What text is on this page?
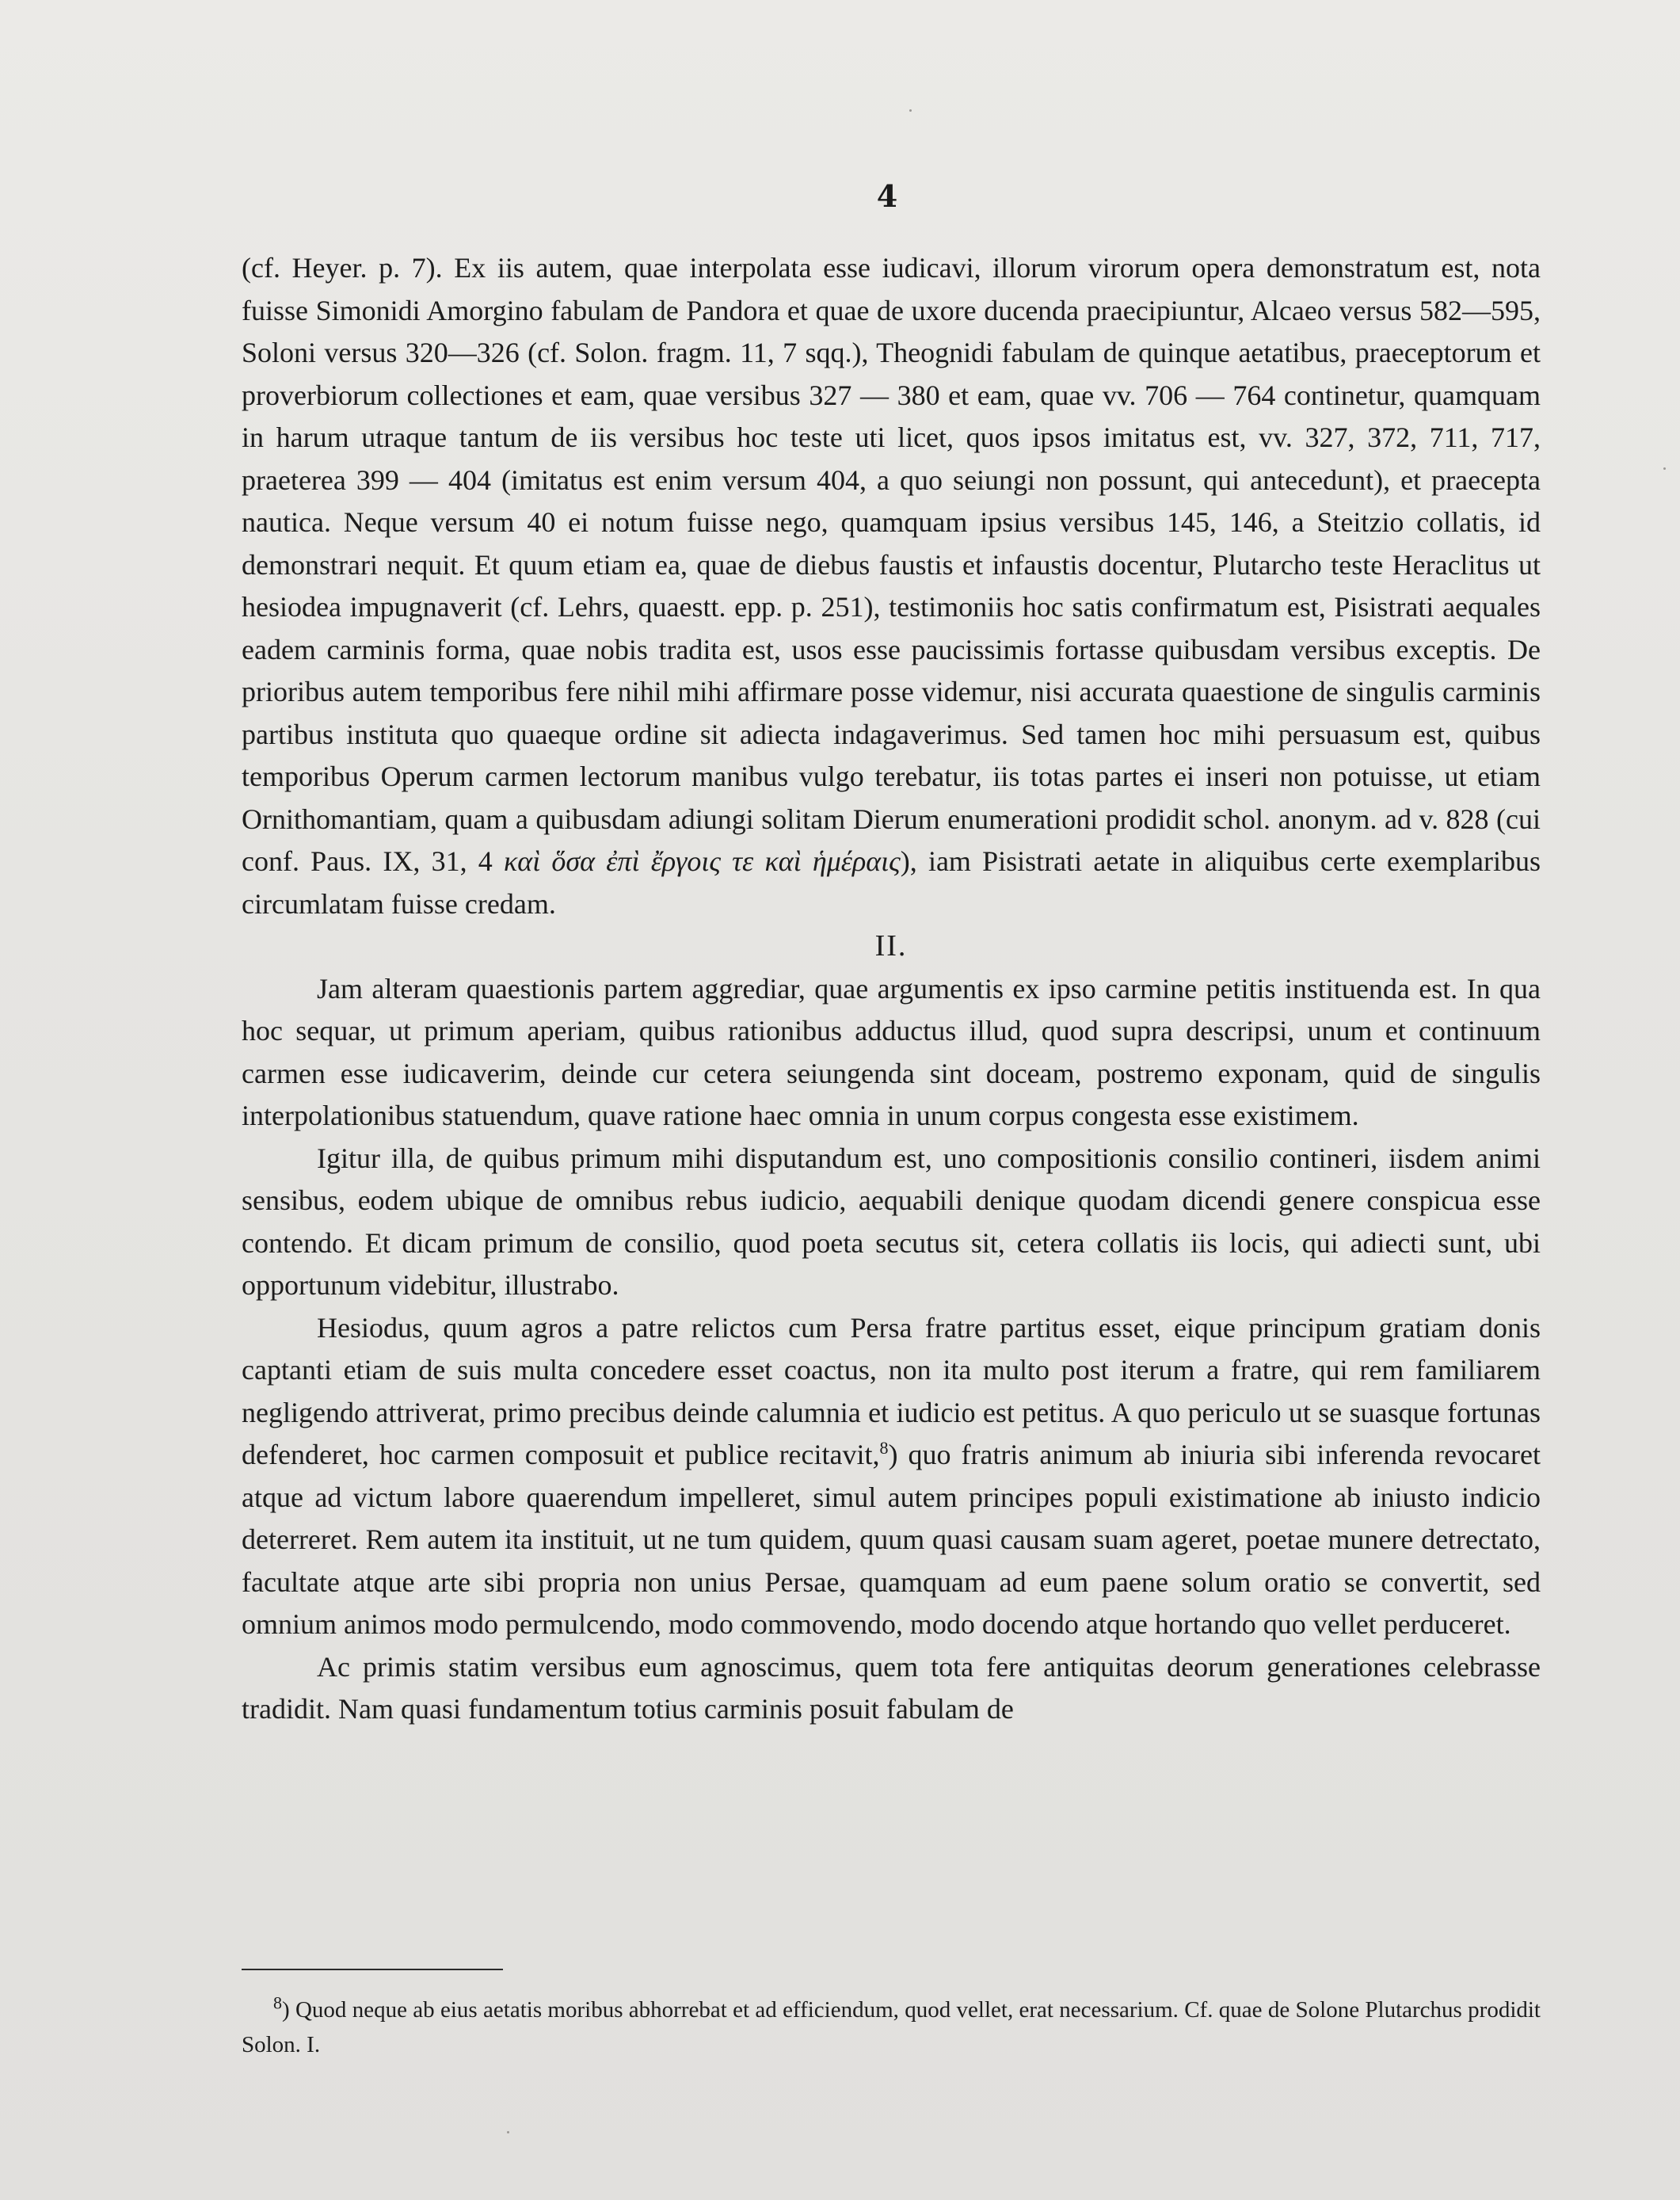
4

(cf. Heyer. p. 7). Ex iis autem, quae interpolata esse iudicavi, illorum virorum opera demonstratum est, nota fuisse Simonidi Amorgino fabulam de Pandora et quae de uxore ducenda praecipiuntur, Alcaeo versus 582—595, Soloni versus 320—326 (cf. Solon. fragm. 11, 7 sqq.), Theognidi fabulam de quinque aetatibus, praeceptorum et proverbiorum collectiones et eam, quae versibus 327 — 380 et eam, quae vv. 706 — 764 continetur, quamquam in harum utraque tantum de iis versibus hoc teste uti licet, quos ipsos imitatus est, vv. 327, 372, 711, 717, praeterea 399 — 404 (imitatus est enim versum 404, a quo seiungi non possunt, qui antecedunt), et praecepta nautica. Neque versum 40 ei notum fuisse nego, quamquam ipsius versibus 145, 146, a Steitzio collatis, id demonstrari nequit. Et quum etiam ea, quae de diebus faustis et infaustis docentur, Plutarcho teste Heraclitus ut hesiodea impugnaverit (cf. Lehrs, quaestt. epp. p. 251), testimoniis hoc satis confirmatum est, Pisistrati aequales eadem carminis forma, quae nobis tradita est, usos esse paucissimis fortasse quibusdam versibus exceptis. De prioribus autem temporibus fere nihil mihi affirmare posse videmur, nisi accurata quaestione de singulis carminis partibus instituta quo quaeque ordine sit adiecta indagaverimus. Sed tamen hoc mihi persuasum est, quibus temporibus Operum carmen lectorum manibus vulgo terebatur, iis totas partes ei inseri non potuisse, ut etiam Ornithomantiam, quam a quibusdam adiungi solitam Dierum enumerationi prodidit schol. anonym. ad v. 828 (cui conf. Paus. IX, 31, 4 καὶ ὅσα ἐπὶ ἔργοις τε καὶ ἡμέραις), iam Pisistrati aetate in aliquibus certe exemplaribus circumlatam fuisse credam.

II.

Jam alteram quaestionis partem aggrediar, quae argumentis ex ipso carmine petitis instituenda est. In qua hoc sequar, ut primum aperiam, quibus rationibus adductus illud, quod supra descripsi, unum et continuum carmen esse iudicaverim, deinde cur cetera seiungenda sint doceam, postremo exponam, quid de singulis interpolationibus statuendum, quave ratione haec omnia in unum corpus congesta esse existimem.

Igitur illa, de quibus primum mihi disputandum est, uno compositionis consilio contineri, iisdem animi sensibus, eodem ubique de omnibus rebus iudicio, aequabili denique quodam dicendi genere conspicua esse contendo. Et dicam primum de consilio, quod poeta secutus sit, cetera collatis iis locis, qui adiecti sunt, ubi opportunum videbitur, illustrabo.

Hesiodus, quum agros a patre relictos cum Persa fratre partitus esset, eique principum gratiam donis captanti etiam de suis multa concedere esset coactus, non ita multo post iterum a fratre, qui rem familiarem negligendo attriverat, primo precibus deinde calumnia et iudicio est petitus. A quo periculo ut se suasque fortunas defenderet, hoc carmen composuit et publice recitavit,$^8$) quo fratris animum ab iniuria sibi inferenda revocaret atque ad victum labore quaerendum impelleret, simul autem principes populi existimatione ab iniusto indicio deterreret. Rem autem ita instituit, ut ne tum quidem, quum quasi causam suam ageret, poetae munere detrectato, facultate atque arte sibi propria non unius Persae, quamquam ad eum paene solum oratio se convertit, sed omnium animos modo permulcendo, modo commovendo, modo docendo atque hortando quo vellet perduceret.

Ac primis statim versibus eum agnoscimus, quem tota fere antiquitas deorum generationes celebrasse tradidit. Nam quasi fundamentum totius carminis posuit fabulam de

$^8$) Quod neque ab eius aetatis moribus abhorrebat et ad efficiendum, quod vellet, erat necessarium. Cf. quae de Solone Plutarchus prodidit Solon. I.
